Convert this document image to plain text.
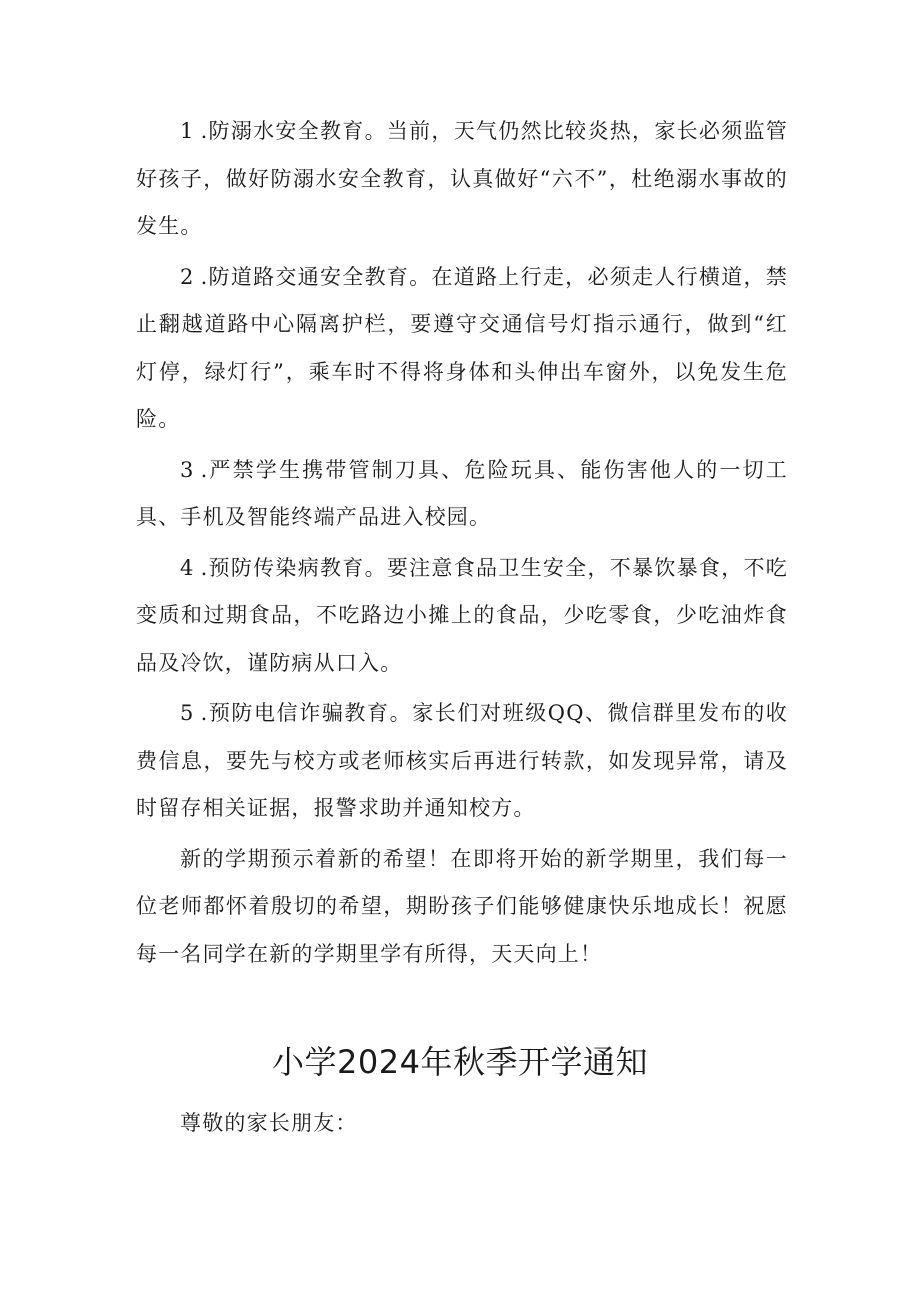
1 .防溺水安全教育。当前，天气仍然比较炎热，家长必须监管好孩子，做好防溺水安全教育，认真做好“六不”，杜绝溺水事故的发生。

2 .防道路交通安全教育。在道路上行走，必须走人行横道，禁止翻越道路中心隔离护栏，要遵守交通信号灯指示通行，做到“红灯停，绿灯行”，乘车时不得将身体和头伸出车窗外，以免发生危险。

3 .严禁学生携带管制刀具、危险玩具、能伤害他人的一切工具、手机及智能终端产品进入校园。

4 .预防传染病教育。要注意食品卫生安全，不暴饮暴食，不吃变质和过期食品，不吃路边小摊上的食品，少吃零食，少吃油炸食品及冷饮，谨防病从口入。

5 .预防电信诈骗教育。家长们对班级QQ、微信群里发布的收费信息，要先与校方或老师核实后再进行转款，如发现异常，请及时留存相关证据，报警求助并通知校方。

新的学期预示着新的希望！在即将开始的新学期里，我们每一位老师都怀着殷切的希望，期盼孩子们能够健康快乐地成长！祝愿每一名同学在新的学期里学有所得，天天向上！

小学2024年秋季开学通知

尊敬的家长朋友：
